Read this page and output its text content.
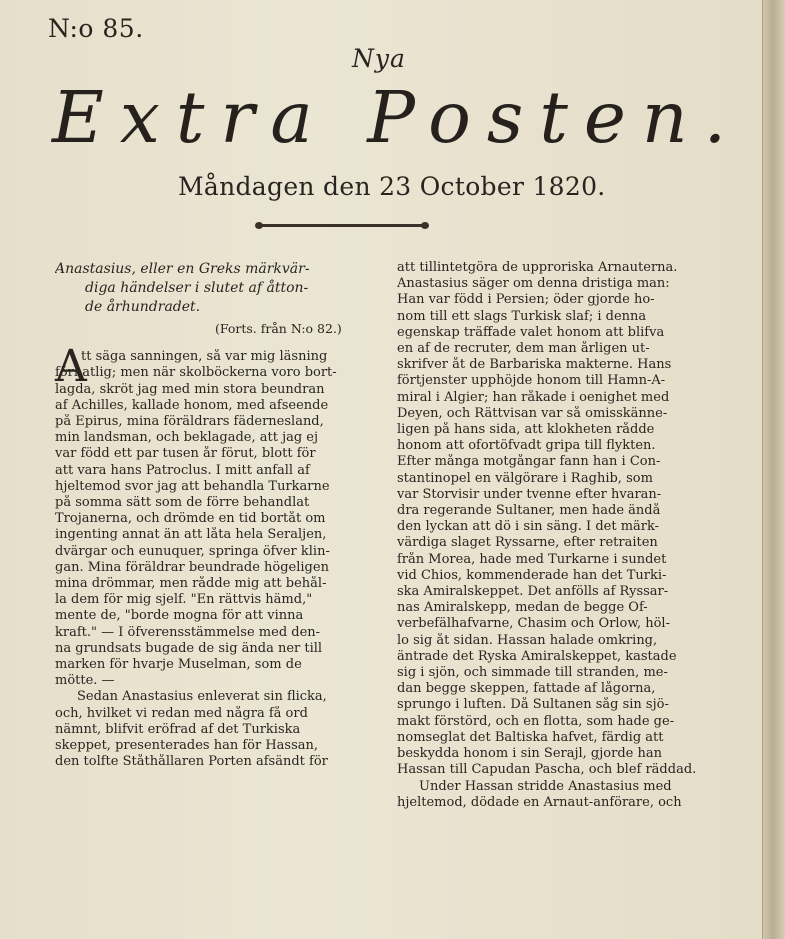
N:o 85.
Nya
Extra Posten.
Måndagen den 23 October 1820.
Anastasius, eller en Greks märkvär-
diga händelser i slutet af åtton-
de århundradet.
(Forts. från N:o 82.)
A
tt säga sanningen, så var mig läsning
förhatlig; men när skolböckerna voro bort-
lagda, skröt jag med min stora beundran
af Achilles, kallade honom, med afseende
på Epirus, mina föräldrars fädernesland,
min landsman, och beklagade, att jag ej
var född ett par tusen år förut, blott för
att vara hans Patroclus. I mitt anfall af
hjeltemod svor jag att behandla Turkarne
på somma sätt som de förre behandlat
Trojanerna, och drömde en tid bortåt om
ingenting annat än att låta hela Seraljen,
dvärgar och eunuquer, springa öfver klin-
gan. Mina föräldrar beundrade högeligen
mina drömmar, men rådde mig att behål-
la dem för mig sjelf. "En rättvis hämd,"
mente de, "borde mogna för att vinna
kraft." — I öfverensstämmelse med den-
na grundsats bugade de sig ända ner till
marken för hvarje Muselman, som de
mötte. —
Sedan Anastasius enleverat sin flicka,
och, hvilket vi redan med några få ord
nämnt, blifvit eröfrad af det Turkiska
skeppet, presenterades han för Hassan,
den tolfte Ståthållaren Porten afsändt för
att tillintetgöra de upproriska Arnauterna.
Anastasius säger om denna dristiga man:
Han var född i Persien; öder gjorde ho-
nom till ett slags Turkisk slaf; i denna
egenskap träffade valet honom att blifva
en af de recruter, dem man årligen ut-
skrifver åt de Barbariska makterne. Hans
förtjenster upphöjde honom till Hamn-A-
miral i Algier; han råkade i oenighet med
Deyen, och Rättvisan var så omisskänne-
ligen på hans sida, att klokheten rådde
honom att ofortöfvadt gripa till flykten.
Efter många motgångar fann han i Con-
stantinopel en välgörare i Raghib, som
var Storvisir under tvenne efter hvaran-
dra regerande Sultaner, men hade ändå
den lyckan att dö i sin säng. I det märk-
värdiga slaget Ryssarne, efter retraiten
från Morea, hade med Turkarne i sundet
vid Chios, kommenderade han det Turki-
ska Amiralskeppet. Det anfölls af Ryssar-
nas Amiralskepp, medan de begge Öf-
verbefälhafvarne, Chasim och Orlow, höl-
lo sig åt sidan. Hassan halade omkring,
äntrade det Ryska Amiralskeppet, kastade
sig i sjön, och simmade till stranden, me-
dan begge skeppen, fattade af lågorna,
sprungo i luften. Då Sultanen såg sin sjö-
makt förstörd, och en flotta, som hade ge-
nomseglat det Baltiska hafvet, färdig att
beskydda honom i sin Serajl, gjorde han
Hassan till Capudan Pascha, och blef räddad.
Under Hassan stridde Anastasius med
hjeltemod, dödade en Arnaut-anförare, och
